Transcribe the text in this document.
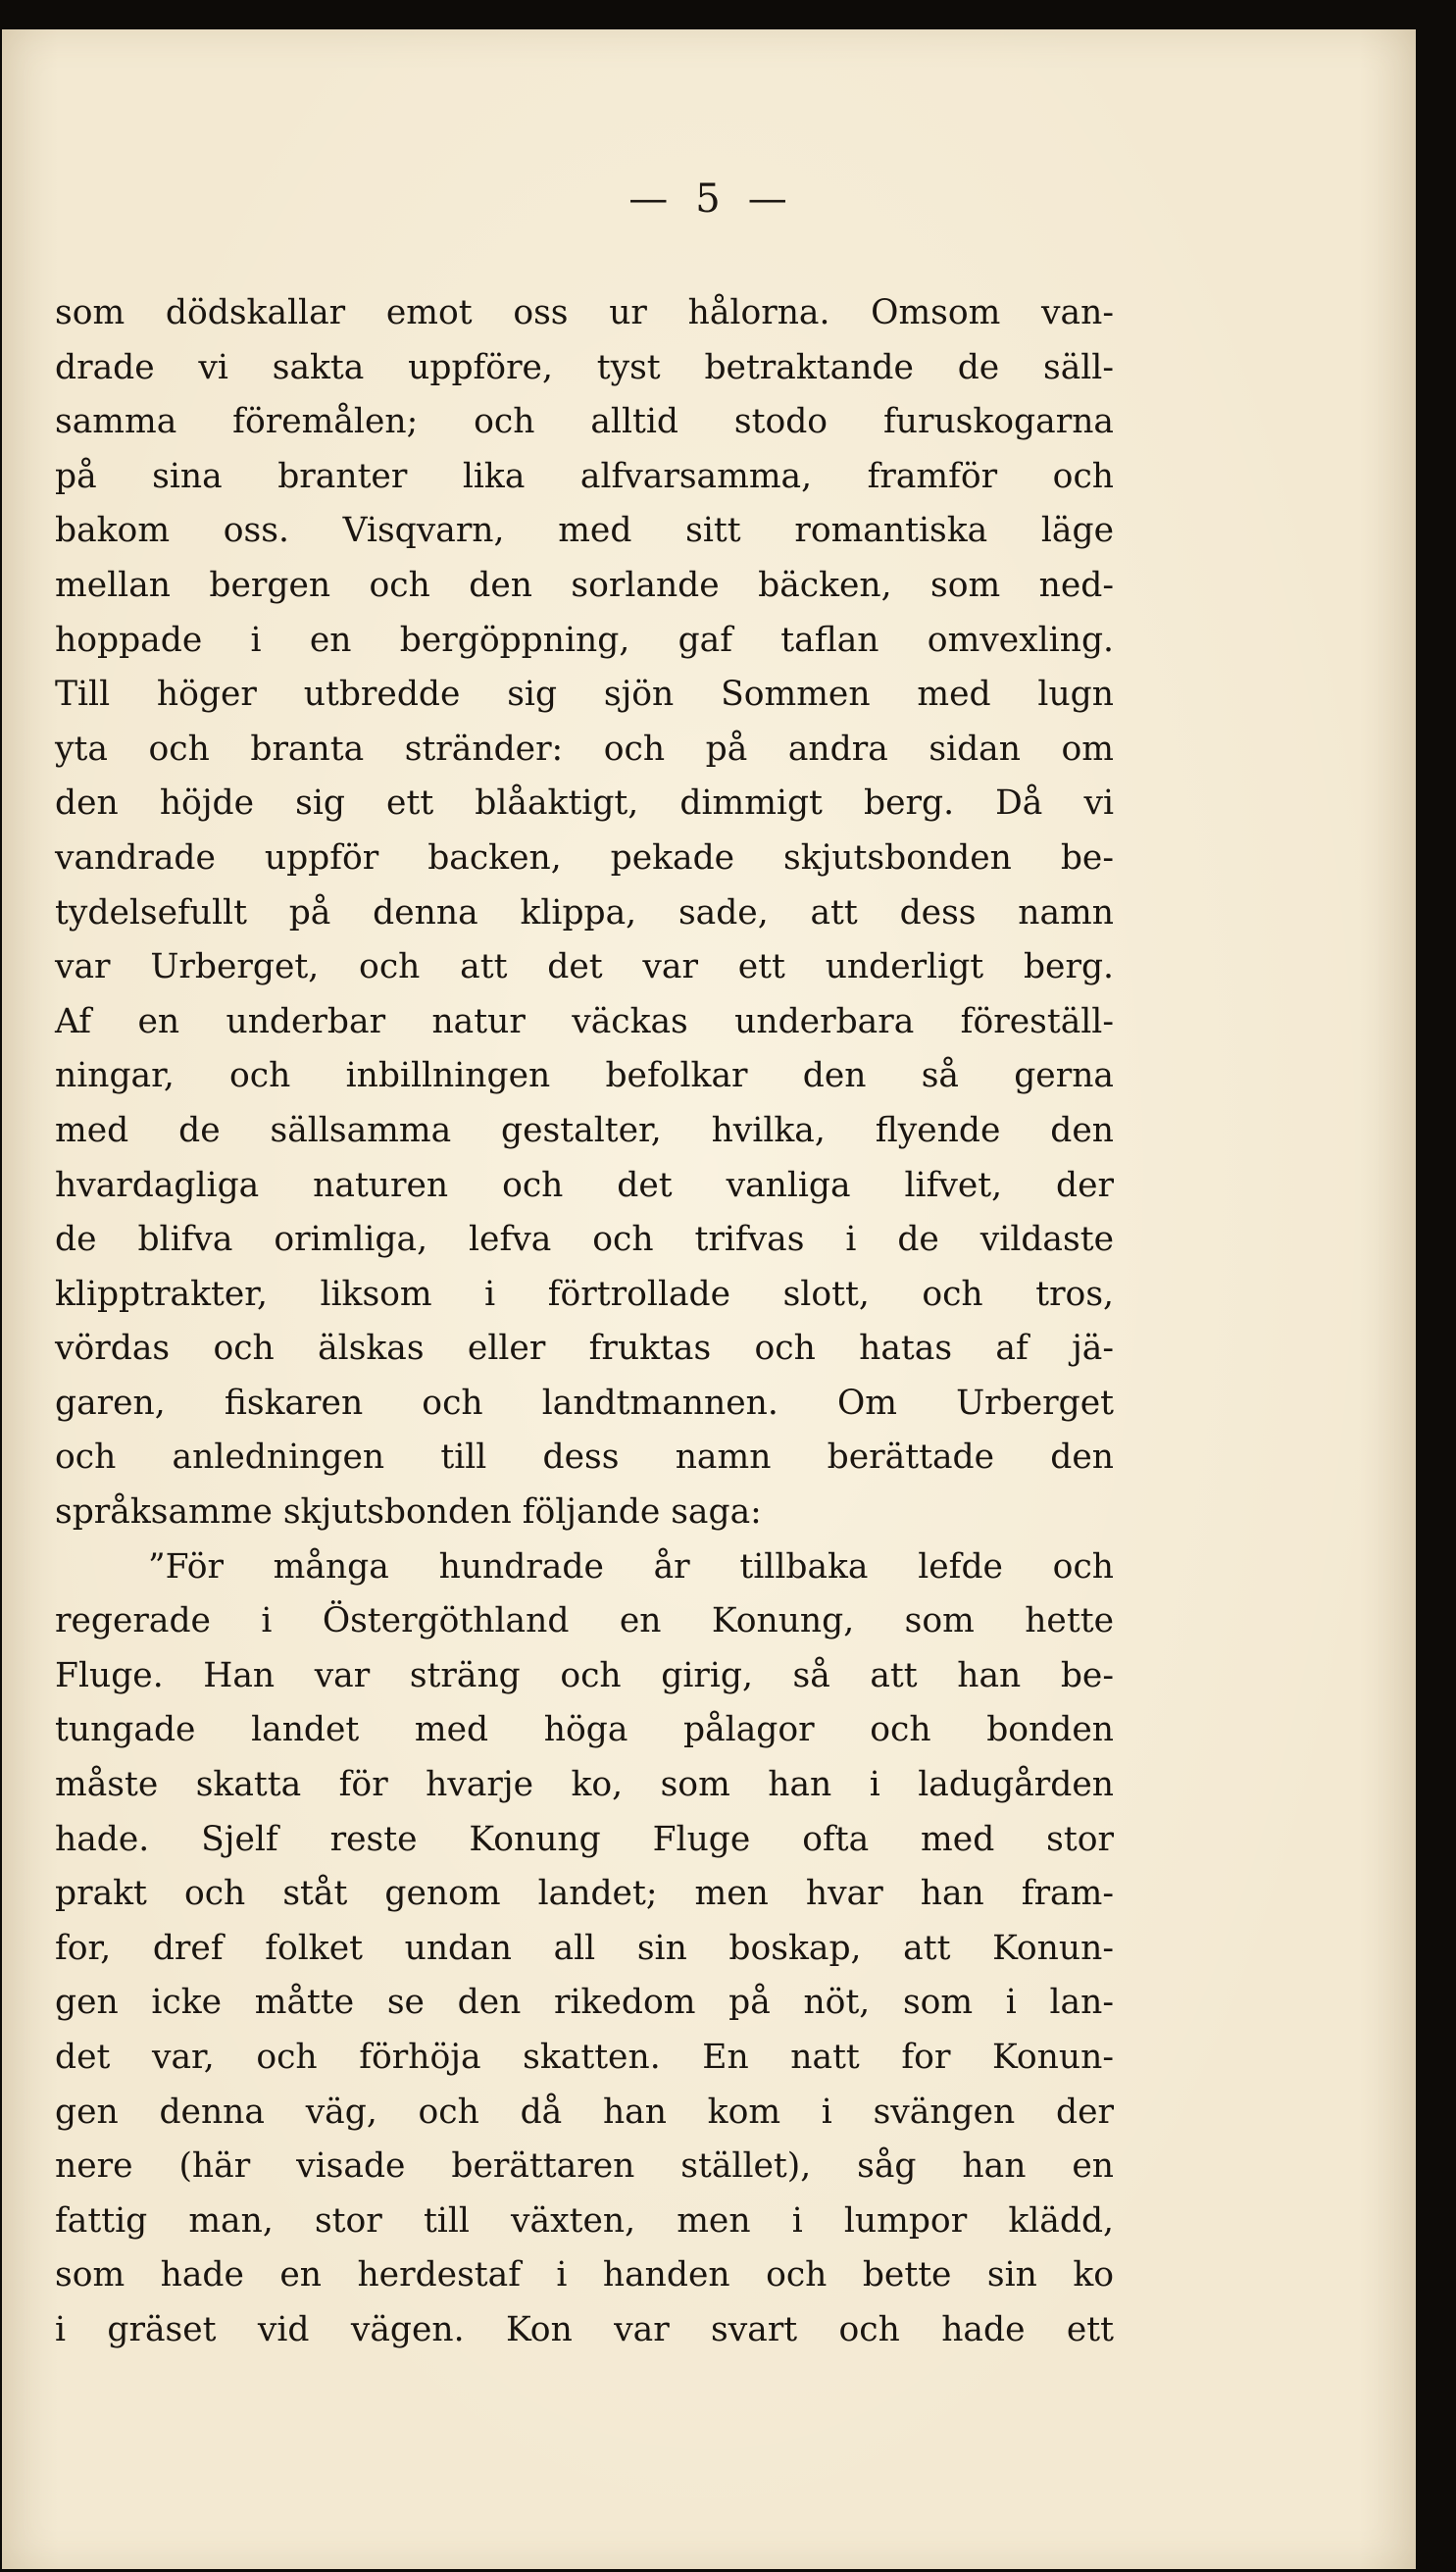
— 5 —
som dödskallar emot oss ur hålorna. Omsom van-
drade vi sakta uppföre, tyst betraktande de säll-
samma föremålen; och alltid stodo furuskogarna
på sina branter lika alfvarsamma, framför och
bakom oss. Visqvarn, med sitt romantiska läge
mellan bergen och den sorlande bäcken, som ned-
hoppade i en bergöppning, gaf taflan omvexling.
Till höger utbredde sig sjön Sommen med lugn
yta och branta stränder: och på andra sidan om
den höjde sig ett blåaktigt, dimmigt berg. Då vi
vandrade uppför backen, pekade skjutsbonden be-
tydelsefullt på denna klippa, sade, att dess namn
var Urberget, och att det var ett underligt berg.
Af en underbar natur väckas underbara föreställ-
ningar, och inbillningen befolkar den så gerna
med de sällsamma gestalter, hvilka, flyende den
hvardagliga naturen och det vanliga lifvet, der
de blifva orimliga, lefva och trifvas i de vildaste
klipptrakter, liksom i förtrollade slott, och tros,
vördas och älskas eller fruktas och hatas af jä-
garen, fiskaren och landtmannen. Om Urberget
och anledningen till dess namn berättade den
språksamme skjutsbonden följande saga:
”För många hundrade år tillbaka lefde och
regerade i Östergöthland en Konung, som hette
Fluge. Han var sträng och girig, så att han be-
tungade landet med höga pålagor och bonden
måste skatta för hvarje ko, som han i ladugården
hade. Sjelf reste Konung Fluge ofta med stor
prakt och ståt genom landet; men hvar han fram-
for, dref folket undan all sin boskap, att Konun-
gen icke måtte se den rikedom på nöt, som i lan-
det var, och förhöja skatten. En natt for Konun-
gen denna väg, och då han kom i svängen der
nere (här visade berättaren stället), såg han en
fattig man, stor till växten, men i lumpor klädd,
som hade en herdestaf i handen och bette sin ko
i gräset vid vägen. Kon var svart och hade ett
